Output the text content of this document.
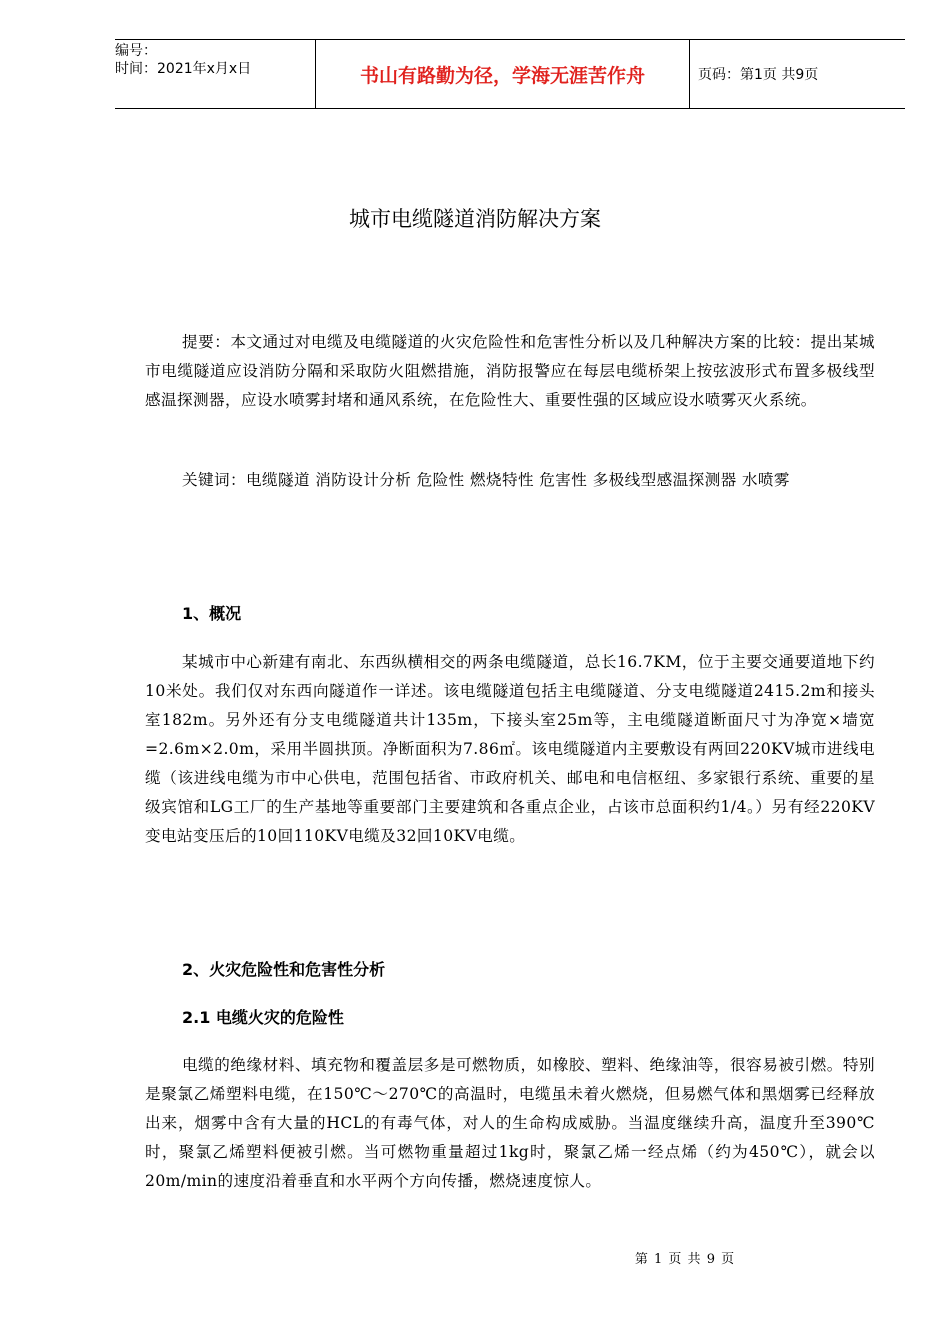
编号：
时间：2021年x月x日	书山有路勤为径，学海无涯苦作舟	页码：第1页 共9页
城市电缆隧道消防解决方案

提要：本文通过对电缆及电缆隧道的火灾危险性和危害性分析以及几种解决方案的比较：提出某城市电缆隧道应设消防分隔和采取防火阻燃措施，消防报警应在每层电缆桥架上按弦波形式布置多极线型感温探测器，应设水喷雾封堵和通风系统，在危险性大、重要性强的区域应设水喷雾灭火系统。

关键词：电缆隧道 消防设计分析 危险性 燃烧特性 危害性 多极线型感温探测器 水喷雾

1、概况

某城市中心新建有南北、东西纵横相交的两条电缆隧道，总长16.7KM，位于主要交通要道地下约10米处。我们仅对东西向隧道作一详述。该电缆隧道包括主电缆隧道、分支电缆隧道2415.2m和接头室182m。另外还有分支电缆隧道共计135m，下接头室25m等，主电缆隧道断面尺寸为净宽×墙宽=2.6m×2.0m，采用半圆拱顶。净断面积为7.86㎡。该电缆隧道内主要敷设有两回220KV城市进线电缆（该进线电缆为市中心供电，范围包括省、市政府机关、邮电和电信枢纽、多家银行系统、重要的星级宾馆和LG工厂的生产基地等重要部门主要建筑和各重点企业，占该市总面积约1/4。）另有经220KV变电站变压后的10回110KV电缆及32回10KV电缆。

2、火灾危险性和危害性分析
2.1 电缆火灾的危险性

电缆的绝缘材料、填充物和覆盖层多是可燃物质，如橡胶、塑料、绝缘油等，很容易被引燃。特别是聚氯乙烯塑料电缆，在150℃～270℃的高温时，电缆虽未着火燃烧，但易燃气体和黑烟雾已经释放出来，烟雾中含有大量的HCL的有毒气体，对人的生命构成威胁。当温度继续升高，温度升至390℃时，聚氯乙烯塑料便被引燃。当可燃物重量超过1kg时，聚氯乙烯一经点烯（约为450℃），就会以20m/min的速度沿着垂直和水平两个方向传播，燃烧速度惊人。

第 1 页 共 9 页
